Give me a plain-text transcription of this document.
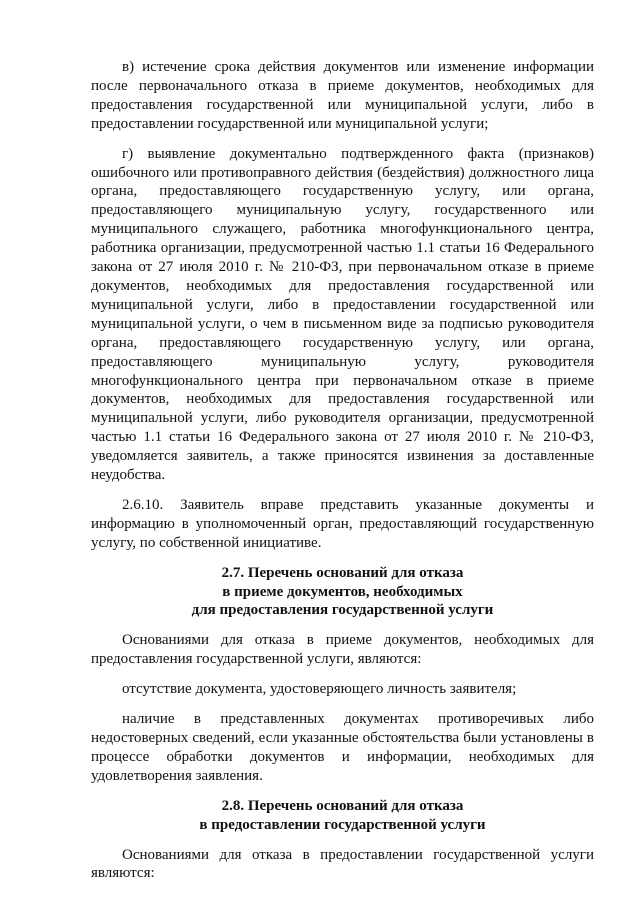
в) истечение срока действия документов или изменение информации после первоначального отказа в приеме документов, необходимых для предоставления государственной или муниципальной услуги, либо в предоставлении государственной или муниципальной услуги;

г) выявление документально подтвержденного факта (признаков) ошибочного или противоправного действия (бездействия) должностного лица органа, предоставляющего государственную услугу, или органа, предоставляющего муниципальную услугу, государственного или муниципального служащего, работника многофункционального центра, работника организации, предусмотренной частью 1.1 статьи 16 Федерального закона от 27 июля 2010 г. № 210-ФЗ, при первоначальном отказе в приеме документов, необходимых для предоставления государственной или муниципальной услуги, либо в предоставлении государственной или муниципальной услуги, о чем в письменном виде за подписью руководителя органа, предоставляющего государственную услугу, или органа, предоставляющего муниципальную услугу, руководителя многофункционального центра при первоначальном отказе в приеме документов, необходимых для предоставления государственной или муниципальной услуги, либо руководителя организации, предусмотренной частью 1.1 статьи 16 Федерального закона от 27 июля 2010 г. № 210-ФЗ, уведомляется заявитель, а также приносятся извинения за доставленные неудобства.

2.6.10. Заявитель вправе представить указанные документы и информацию в уполномоченный орган, предоставляющий государственную услугу, по собственной инициативе.

2.7. Перечень оснований для отказа
в приеме документов, необходимых
для предоставления государственной услуги

Основаниями для отказа в приеме документов, необходимых для предоставления государственной услуги, являются:

отсутствие документа, удостоверяющего личность заявителя;

наличие в представленных документах противоречивых либо недостоверных сведений, если указанные обстоятельства были установлены в процессе обработки документов и информации, необходимых для удовлетворения заявления.

2.8. Перечень оснований для отказа
в предоставлении государственной услуги

Основаниями для отказа в предоставлении государственной услуги являются:
